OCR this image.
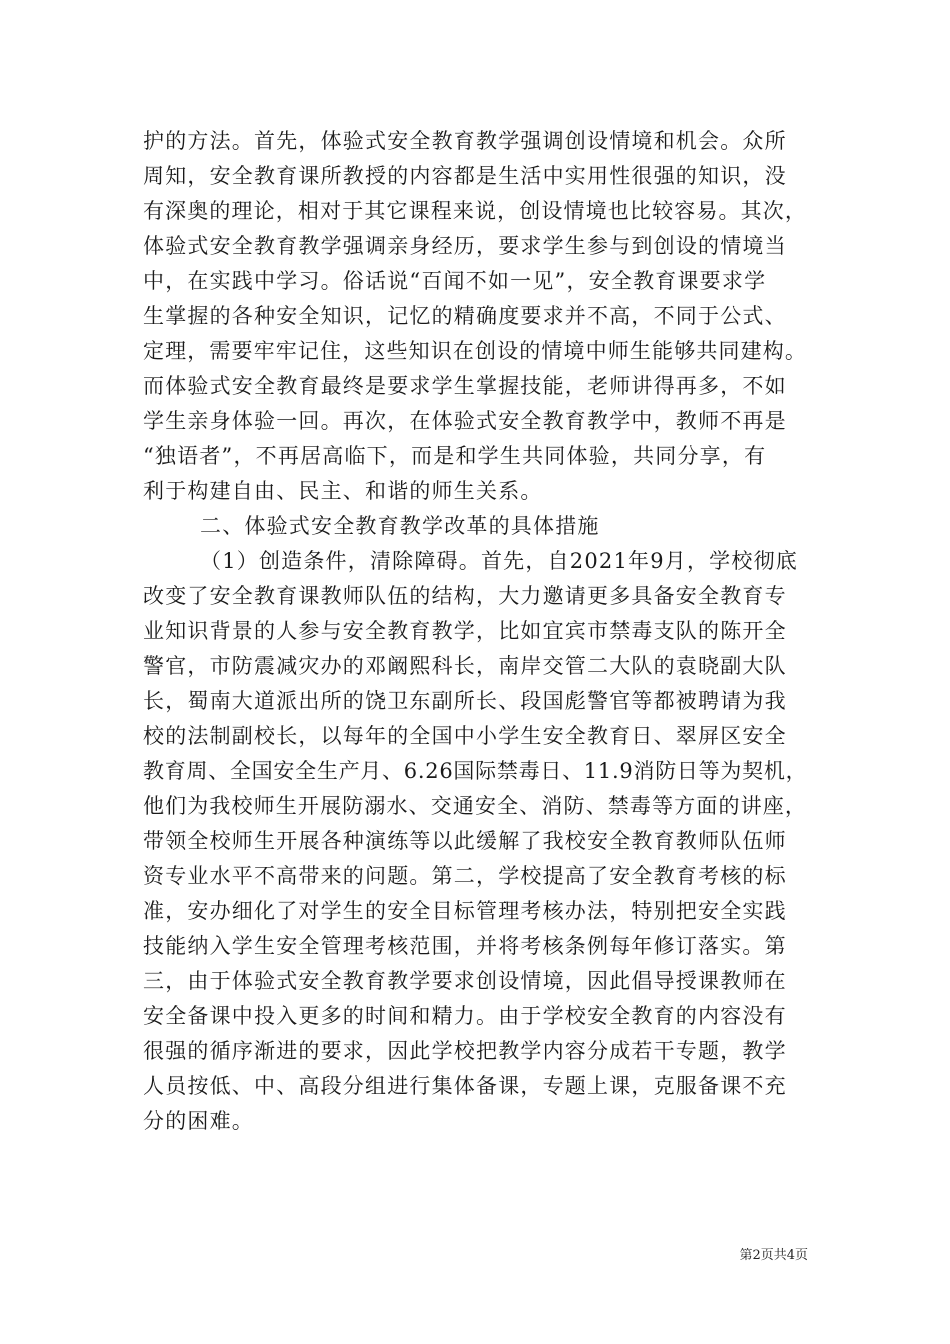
护的方法。首先，体验式安全教育教学强调创设情境和机会。众所
周知，安全教育课所教授的内容都是生活中实用性很强的知识，没
有深奥的理论，相对于其它课程来说，创设情境也比较容易。其次，
体验式安全教育教学强调亲身经历，要求学生参与到创设的情境当
中，在实践中学习。俗话说“百闻不如一见”，安全教育课要求学
生掌握的各种安全知识，记忆的精确度要求并不高，不同于公式、
定理，需要牢牢记住，这些知识在创设的情境中师生能够共同建构。
而体验式安全教育最终是要求学生掌握技能，老师讲得再多，不如
学生亲身体验一回。再次，在体验式安全教育教学中，教师不再是
“独语者”，不再居高临下，而是和学生共同体验，共同分享，有
利于构建自由、民主、和谐的师生关系。
二、体验式安全教育教学改革的具体措施
（1）创造条件，清除障碍。首先，自2021年9月，学校彻底
改变了安全教育课教师队伍的结构，大力邀请更多具备安全教育专
业知识背景的人参与安全教育教学，比如宜宾市禁毒支队的陈开全
警官，市防震减灾办的邓阚熙科长，南岸交管二大队的袁晓副大队
长，蜀南大道派出所的饶卫东副所长、段国彪警官等都被聘请为我
校的法制副校长，以每年的全国中小学生安全教育日、翠屏区安全
教育周、全国安全生产月、6.26国际禁毒日、11.9消防日等为契机，
他们为我校师生开展防溺水、交通安全、消防、禁毒等方面的讲座，
带领全校师生开展各种演练等以此缓解了我校安全教育教师队伍师
资专业水平不高带来的问题。第二，学校提高了安全教育考核的标
准，安办细化了对学生的安全目标管理考核办法，特别把安全实践
技能纳入学生安全管理考核范围，并将考核条例每年修订落实。第
三，由于体验式安全教育教学要求创设情境，因此倡导授课教师在
安全备课中投入更多的时间和精力。由于学校安全教育的内容没有
很强的循序渐进的要求，因此学校把教学内容分成若干专题，教学
人员按低、中、高段分组进行集体备课，专题上课，克服备课不充
分的困难。
第2页共4页
